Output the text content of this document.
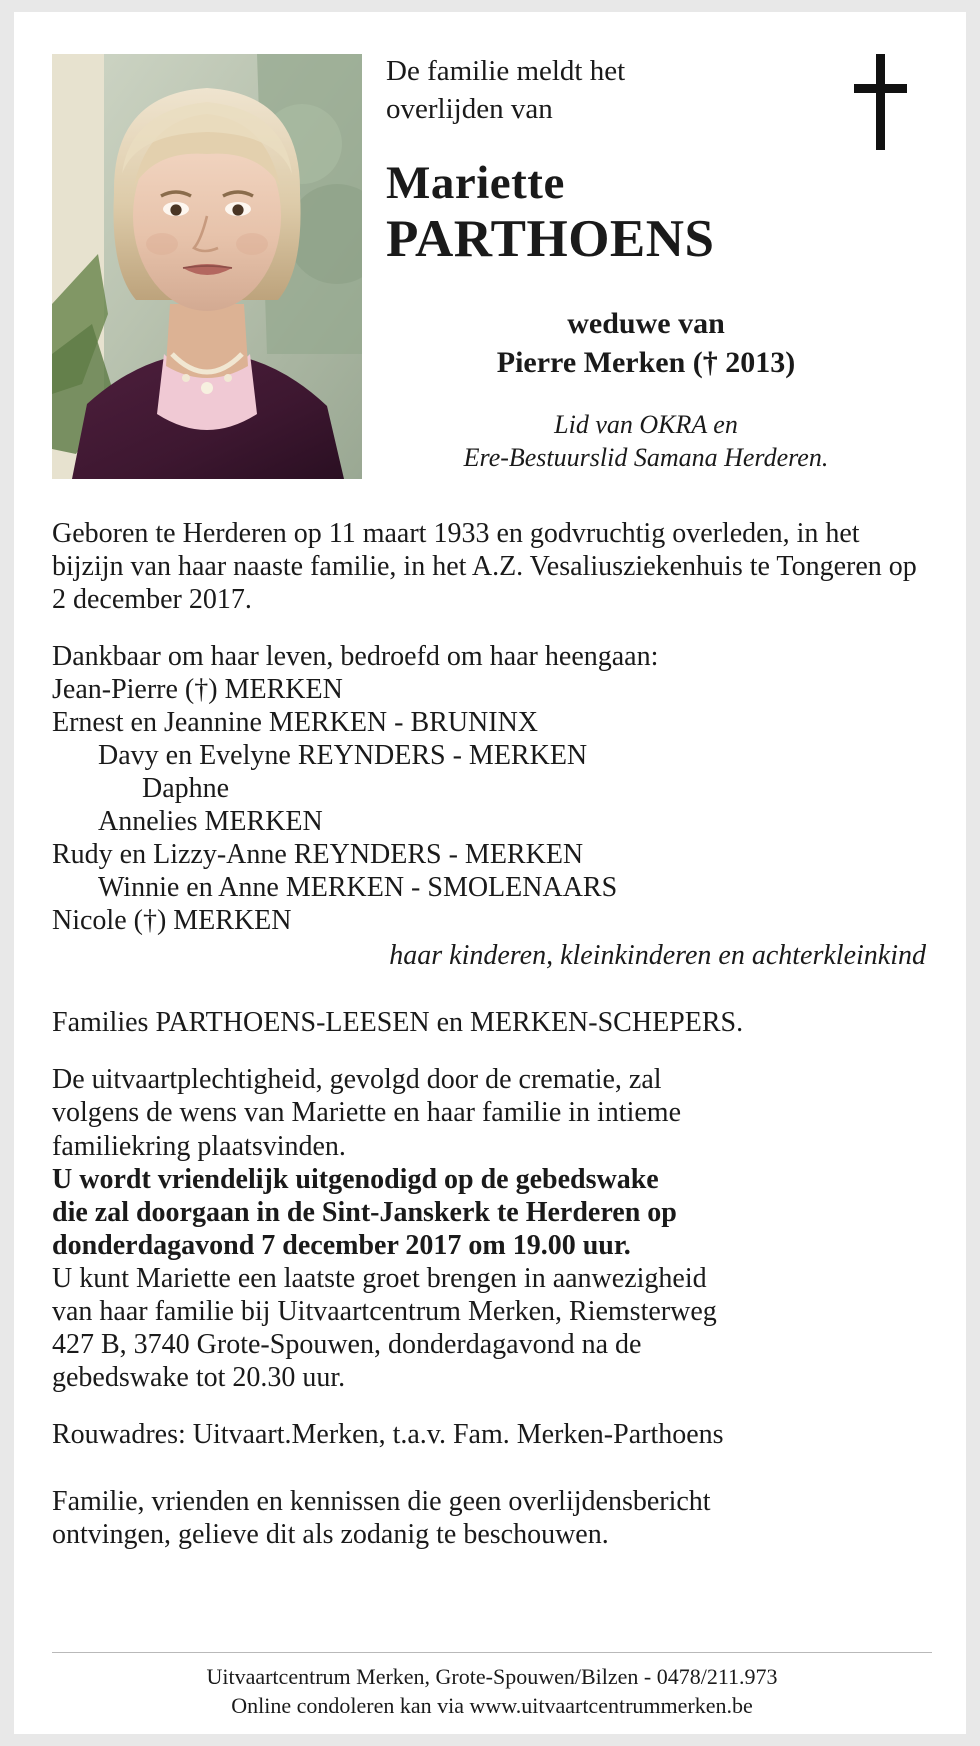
De familie meldt het
overlijden van
Mariette
PARTHOENS
weduwe van
Pierre Merken († 2013)
Lid van OKRA en
Ere-Bestuurslid Samana Herderen.

Geboren te Herderen op 11 maart 1933 en godvruchtig overleden, in het bijzijn van haar naaste familie, in het A.Z. Vesaliusziekenhuis te Tongeren op 2 december 2017.

Dankbaar om haar leven, bedroefd om haar heengaan:
Jean-Pierre (†) MERKEN
Ernest en Jeannine MERKEN - BRUNINX
Davy en Evelyne REYNDERS - MERKEN
Daphne
Annelies MERKEN
Rudy en Lizzy-Anne REYNDERS - MERKEN
Winnie en Anne MERKEN - SMOLENAARS
Nicole (†) MERKEN
haar kinderen, kleinkinderen en achterkleinkind

Families PARTHOENS-LEESEN en MERKEN-SCHEPERS.

De uitvaartplechtigheid, gevolgd door de crematie, zal
volgens de wens van Mariette en haar familie in intieme
familiekring plaatsvinden.
U wordt vriendelijk uitgenodigd op de gebedswake
die zal doorgaan in de Sint-Janskerk te Herderen op
donderdagavond 7 december 2017 om 19.00 uur.
U kunt Mariette een laatste groet brengen in aanwezigheid
van haar familie bij Uitvaartcentrum Merken, Riemsterweg
427 B, 3740 Grote-Spouwen, donderdagavond na de
gebedswake tot 20.30 uur.

Rouwadres: Uitvaart.Merken, t.a.v. Fam. Merken-Parthoens

Familie, vrienden en kennissen die geen overlijdensbericht
ontvingen, gelieve dit als zodanig te beschouwen.
Uitvaartcentrum Merken, Grote-Spouwen/Bilzen - 0478/211.973
Online condoleren kan via www.uitvaartcentrummerken.be
